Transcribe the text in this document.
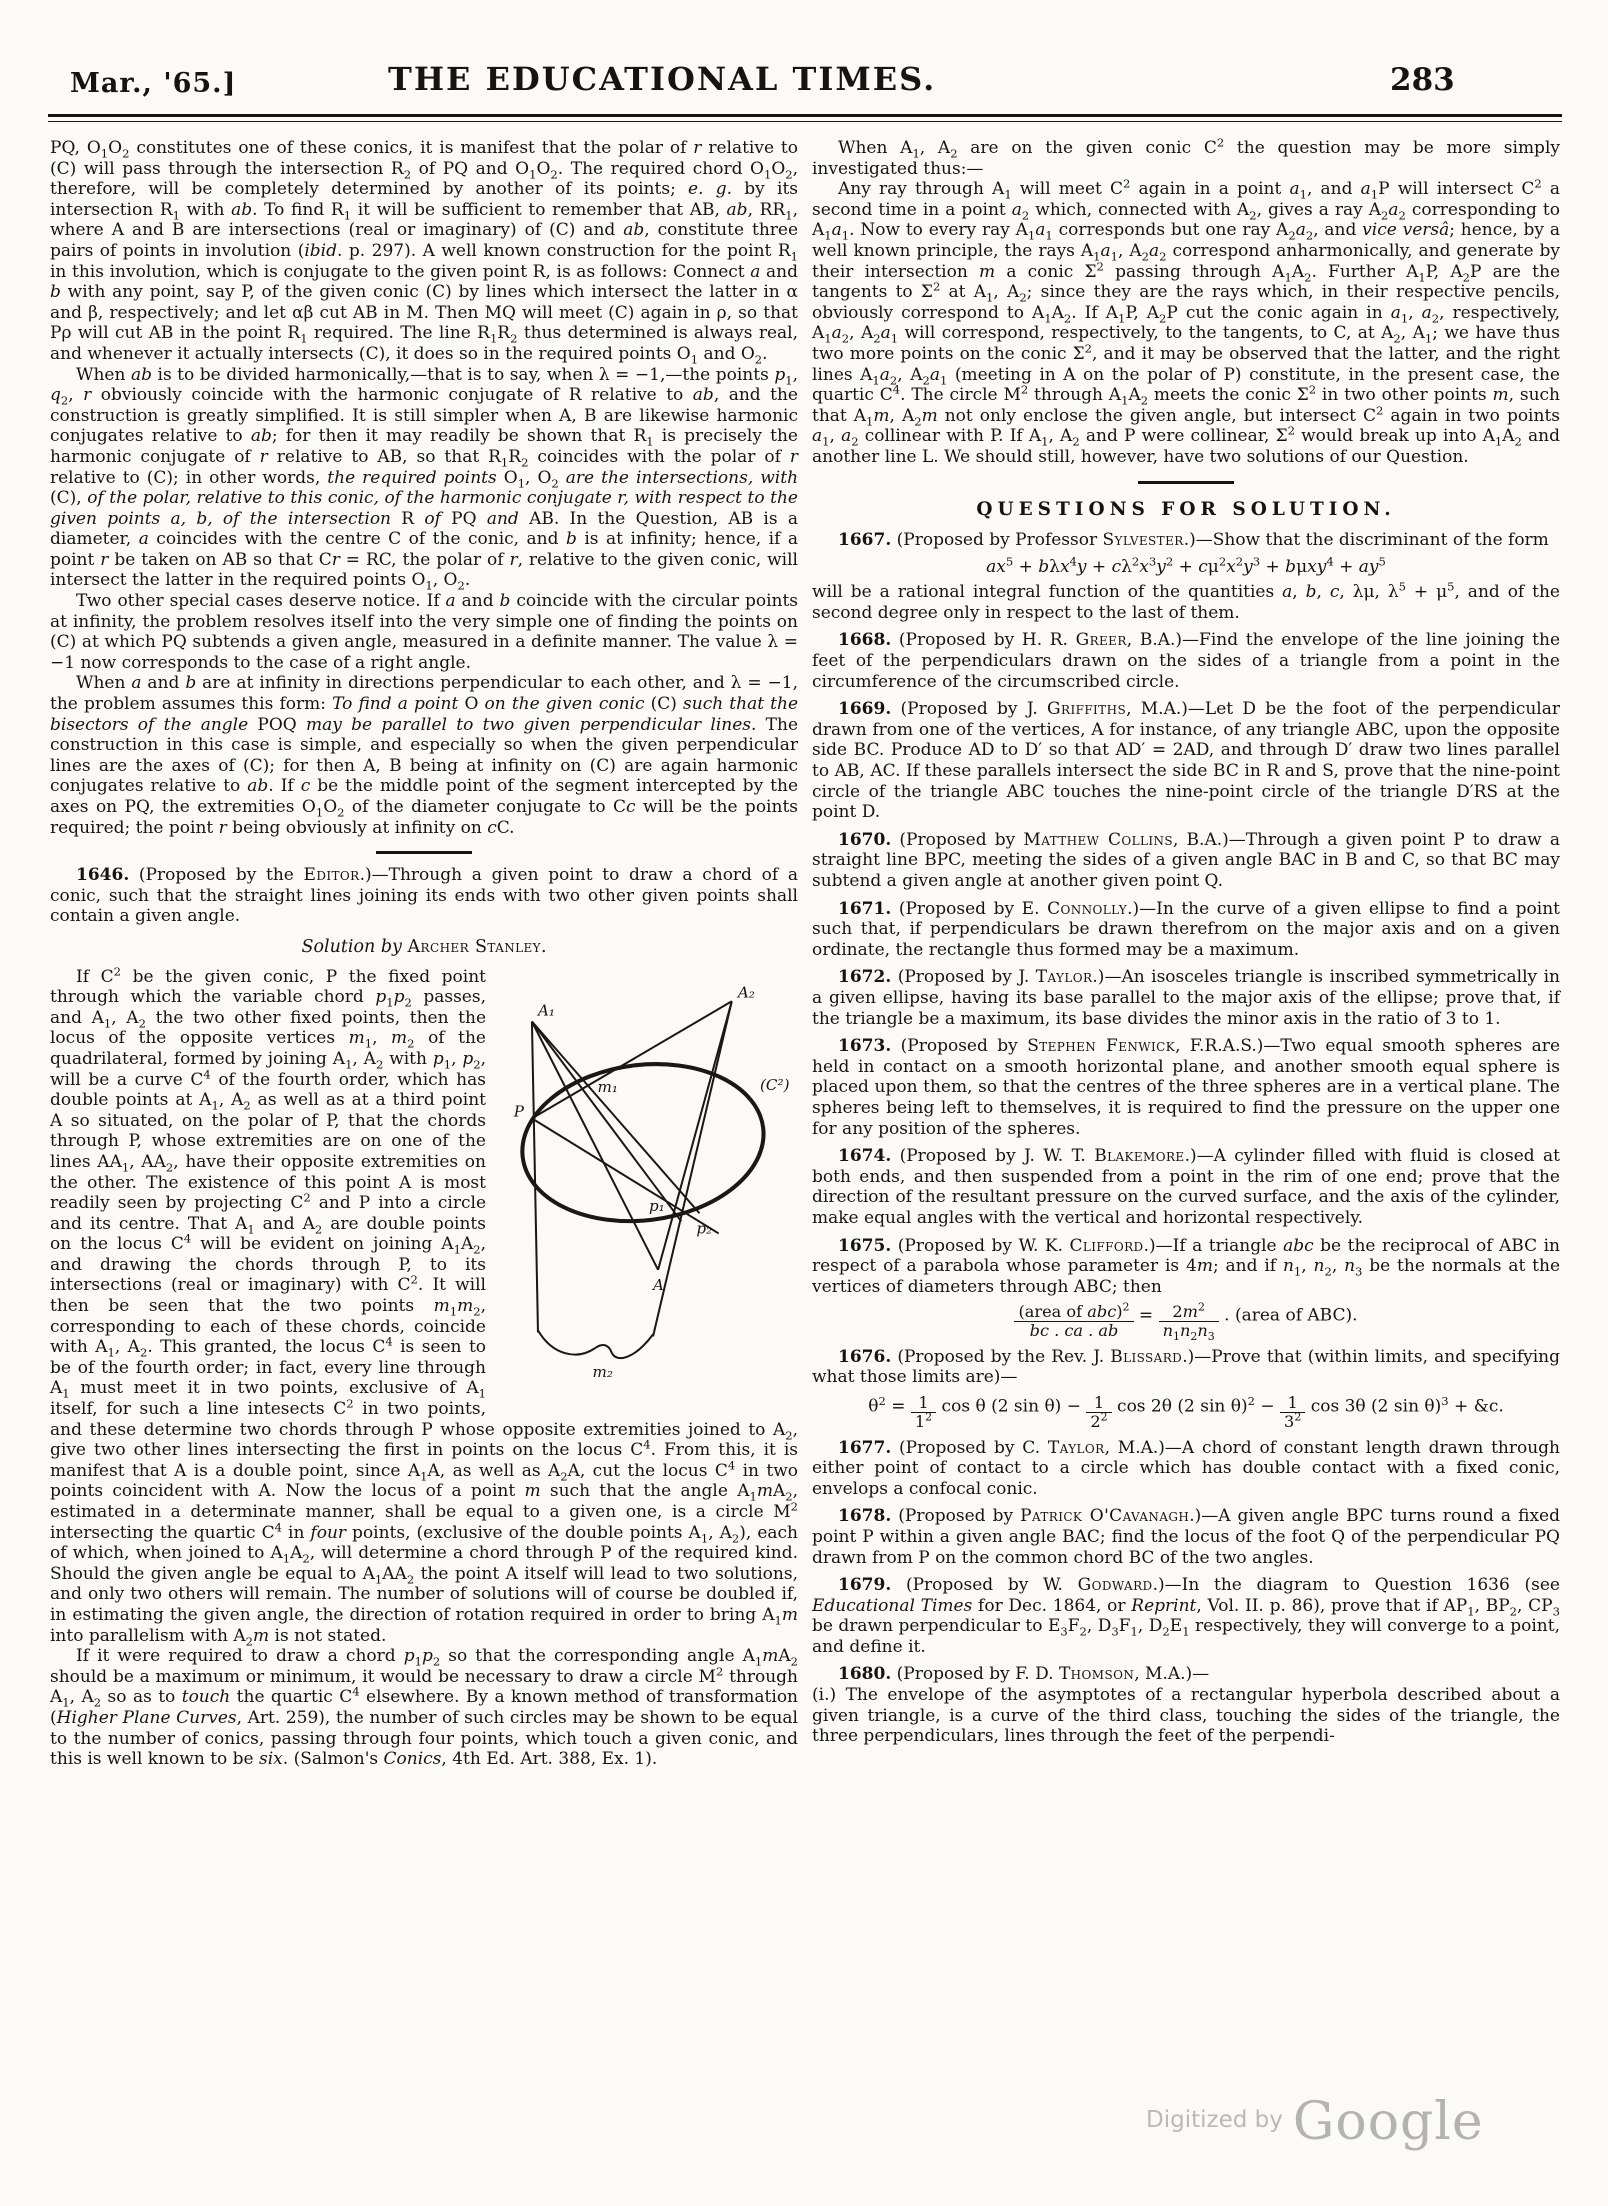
Mar., '65.]	THE EDUCATIONAL TIMES.	283

PQ, $O_1O_2$ constitutes one of these conics, it is manifest that the polar of r relative to (C) will pass through the intersection $R_2$ of PQ and $O_1O_2$. The required chord $O_1O_2$, therefore, will be completely determined by another of its points; e. g. by its intersection $R_1$ with ab. To find $R_1$ it will be sufficient to remember that AB, ab, $RR_1$, where A and B are intersections (real or imaginary) of (C) and ab, constitute three pairs of points in involution (ibid. p. 297). A well known construction for the point $R_1$ in this involution, which is conjugate to the given point R, is as follows: Connect a and b with any point, say P, of the given conic (C) by lines which intersect the latter in α and β, respectively; and let αβ cut AB in M. Then MQ will meet (C) again in ρ, so that Pρ will cut AB in the point $R_1$ required. The line $R_1R_2$ thus determined is always real, and whenever it actually intersects (C), it does so in the required points $O_1$ and $O_2$.

When ab is to be divided harmonically,—that is to say, when λ = −1,—the points $p_1$, $q_2$, r obviously coincide with the harmonic conjugate of R relative to ab, and the construction is greatly simplified. It is still simpler when A, B are likewise harmonic conjugates relative to ab; for then it may readily be shown that $R_1$ is precisely the harmonic conjugate of r relative to AB, so that $R_1R_2$ coincides with the polar of r relative to (C); in other words, the required points $O_1$, $O_2$ are the intersections, with (C), of the polar, relative to this conic, of the harmonic conjugate r, with respect to the given points a, b, of the intersection R of PQ and AB. In the Question, AB is a diameter, a coincides with the centre C of the conic, and b is at infinity; hence, if a point r be taken on AB so that Cr = RC, the polar of r, relative to the given conic, will intersect the latter in the required points $O_1$, $O_2$.

Two other special cases deserve notice. If a and b coincide with the circular points at infinity, the problem resolves itself into the very simple one of finding the points on (C) at which PQ subtends a given angle, measured in a definite manner. The value λ = −1 now corresponds to the case of a right angle.

When a and b are at infinity in directions perpendicular to each other, and λ = −1, the problem assumes this form: To find a point O on the given conic (C) such that the bisectors of the angle POQ may be parallel to two given perpendicular lines. The construction in this case is simple, and especially so when the given perpendicular lines are the axes of (C); for then A, B being at infinity on (C) are again harmonic conjugates relative to ab. If c be the middle point of the segment intercepted by the axes on PQ, the extremities $O_1O_2$ of the diameter conjugate to Cc will be the points required; the point r being obviously at infinity on cC.

1646. (Proposed by the Editor.)—Through a given point to draw a chord of a conic, such that the straight lines joining its ends with two other given points shall contain a given angle.

Solution by Archer Stanley.

A₁
A₂
P
m₁
p₁
p₂
A
m₂
(C²)

If $C^2$ be the given conic, P the fixed point through which the variable chord $p_1p_2$ passes, and $A_1$, $A_2$ the two other fixed points, then the locus of the opposite vertices $m_1$, $m_2$ of the quadrilateral, formed by joining $A_1$, $A_2$ with $p_1$, $p_2$, will be a curve $C^4$ of the fourth order, which has double points at $A_1$, $A_2$ as well as at a third point A so situated, on the polar of P, that the chords through P, whose extremities are on one of the lines $AA_1$, $AA_2$, have their opposite extremities on the other. The existence of this point A is most readily seen by projecting $C^2$ and P into a circle and its centre. That $A_1$ and $A_2$ are double points on the locus $C^4$ will be evident on joining $A_1A_2$, and drawing the chords through P, to its intersections (real or imaginary) with $C^2$. It will then be seen that the two points $m_1m_2$, corresponding to each of these chords, coincide with $A_1$, $A_2$. This granted, the locus $C^4$ is seen to be of the fourth order; in fact, every line through $A_1$ must meet it in two points, exclusive of $A_1$ itself, for such a line intesects $C^2$ in two points, and these determine two chords through P whose opposite extremities joined to $A_2$, give two other lines intersecting the first in points on the locus $C^4$. From this, it is manifest that A is a double point, since $A_1A$, as well as $A_2A$, cut the locus $C^4$ in two points coincident with A. Now the locus of a point m such that the angle $A_1mA_2$, estimated in a determinate manner, shall be equal to a given one, is a circle $M^2$ intersecting the quartic $C^4$ in four points, (exclusive of the double points $A_1$, $A_2$), each of which, when joined to $A_1A_2$, will determine a chord through P of the required kind. Should the given angle be equal to $A_1AA_2$ the point A itself will lead to two solutions, and only two others will remain. The number of solutions will of course be doubled if, in estimating the given angle, the direction of rotation required in order to bring $A_1m$ into parallelism with $A_2m$ is not stated.

If it were required to draw a chord $p_1p_2$ so that the corresponding angle $A_1mA_2$ should be a maximum or minimum, it would be necessary to draw a circle $M^2$ through $A_1$, $A_2$ so as to touch the quartic $C^4$ elsewhere. By a known method of transformation (Higher Plane Curves, Art. 259), the number of such circles may be shown to be equal to the number of conics, passing through four points, which touch a given conic, and this is well known to be six. (Salmon's Conics, 4th Ed. Art. 388, Ex. 1).

When $A_1$, $A_2$ are on the given conic $C^2$ the question may be more simply investigated thus:—

Any ray through $A_1$ will meet $C^2$ again in a point $a_1$, and $a_1P$ will intersect $C^2$ a second time in a point $a_2$ which, connected with $A_2$, gives a ray $A_2a_2$ corresponding to $A_1a_1$. Now to every ray $A_1a_1$ corresponds but one ray $A_2a_2$, and vice versâ; hence, by a well known principle, the rays $A_1a_1$, $A_2a_2$ correspond anharmonically, and generate by their intersection m a conic $\Sigma^2$ passing through $A_1A_2$. Further $A_1P$, $A_2P$ are the tangents to $\Sigma^2$ at $A_1$, $A_2$; since they are the rays which, in their respective pencils, obviously correspond to $A_1A_2$. If $A_1P$, $A_2P$ cut the conic again in $a_1$, $a_2$, respectively, $A_1a_2$, $A_2a_1$ will correspond, respectively, to the tangents, to C, at $A_2$, $A_1$; we have thus two more points on the conic $\Sigma^2$, and it may be observed that the latter, and the right lines $A_1a_2$, $A_2a_1$ (meeting in A on the polar of P) constitute, in the present case, the quartic $C^4$. The circle $M^2$ through $A_1A_2$ meets the conic $\Sigma^2$ in two other points m, such that $A_1m$, $A_2m$ not only enclose the given angle, but intersect $C^2$ again in two points $a_1$, $a_2$ collinear with P. If $A_1$, $A_2$ and P were collinear, $\Sigma^2$ would break up into $A_1A_2$ and another line L. We should still, however, have two solutions of our Question.

QUESTIONS FOR SOLUTION.

1667. (Proposed by Professor Sylvester.)—Show that the discriminant of the form
$ax^5 + b\lambda x^4y + c\lambda^2x^3y^2 + c\mu^2x^2y^3 + b\mu xy^4 + ay^5$
will be a rational integral function of the quantities a, b, c, λμ, $\lambda^5 + \mu^5$, and of the second degree only in respect to the last of them.

1668. (Proposed by H. R. Greer, B.A.)—Find the envelope of the line joining the feet of the perpendiculars drawn on the sides of a triangle from a point in the circumference of the circumscribed circle.

1669. (Proposed by J. Griffiths, M.A.)—Let D be the foot of the perpendicular drawn from one of the vertices, A for instance, of any triangle ABC, upon the opposite side BC. Produce AD to D′ so that AD′ = 2AD, and through D′ draw two lines parallel to AB, AC. If these parallels intersect the side BC in R and S, prove that the nine-point circle of the triangle ABC touches the nine-point circle of the triangle D′RS at the point D.

1670. (Proposed by Matthew Collins, B.A.)—Through a given point P to draw a straight line BPC, meeting the sides of a given angle BAC in B and C, so that BC may subtend a given angle at another given point Q.

1671. (Proposed by E. Connolly.)—In the curve of a given ellipse to find a point such that, if perpendiculars be drawn therefrom on the major axis and on a given ordinate, the rectangle thus formed may be a maximum.

1672. (Proposed by J. Taylor.)—An isosceles triangle is inscribed symmetrically in a given ellipse, having its base parallel to the major axis of the ellipse; prove that, if the triangle be a maximum, its base divides the minor axis in the ratio of 3 to 1.

1673. (Proposed by Stephen Fenwick, F.R.A.S.)—Two equal smooth spheres are held in contact on a smooth horizontal plane, and another smooth equal sphere is placed upon them, so that the centres of the three spheres are in a vertical plane. The spheres being left to themselves, it is required to find the pressure on the upper one for any position of the spheres.

1674. (Proposed by J. W. T. Blakemore.)—A cylinder filled with fluid is closed at both ends, and then suspended from a point in the rim of one end; prove that the direction of the resultant pressure on the curved surface, and the axis of the cylinder, make equal angles with the vertical and horizontal respectively.

1675. (Proposed by W. K. Clifford.)—If a triangle abc be the reciprocal of ABC in respect of a parabola whose parameter is 4m; and if $n_1$, $n_2$, $n_3$ be the normals at the vertices of diameters through ABC; then
$\frac{(area of abc)^2}{bc . ca . ab} = \frac{2m^2}{n_1n_2n_3}$ . (area of ABC).

1676. (Proposed by the Rev. J. Blissard.)—Prove that (within limits, and specifying what those limits are)—
$\theta^2 = \frac{1}{1^2}$ cos θ (2 $\sin \theta) - \frac{1}{2^2}$ cos 2θ (2 $\sin \theta)^2 - \frac{1}{3^2}$ cos 3θ (2 sin θ)$^3$ + &c.

1677. (Proposed by C. Taylor, M.A.)—A chord of constant length drawn through either point of contact to a circle which has double contact with a fixed conic, envelops a confocal conic.

1678. (Proposed by Patrick O'Cavanagh.)—A given angle BPC turns round a fixed point P within a given angle BAC; find the locus of the foot Q of the perpendicular PQ drawn from P on the common chord BC of the two angles.

1679. (Proposed by W. Godward.)—In the diagram to Question 1636 (see Educational Times for Dec. 1864, or Reprint, Vol. II. p. 86), prove that if $AP_1$, $BP_2$, $CP_3$ be drawn perpendicular to $E_3F_2$, $D_3F_1$, $D_2E_1$ respectively, they will converge to a point, and define it.

1680. (Proposed by F. D. Thomson, M.A.)—
(i.) The envelope of the asymptotes of a rectangular hyperbola described about a given triangle, is a curve of the third class, touching the sides of the triangle, the three perpendiculars, lines through the feet of the perpendi-

Digitized by Google
